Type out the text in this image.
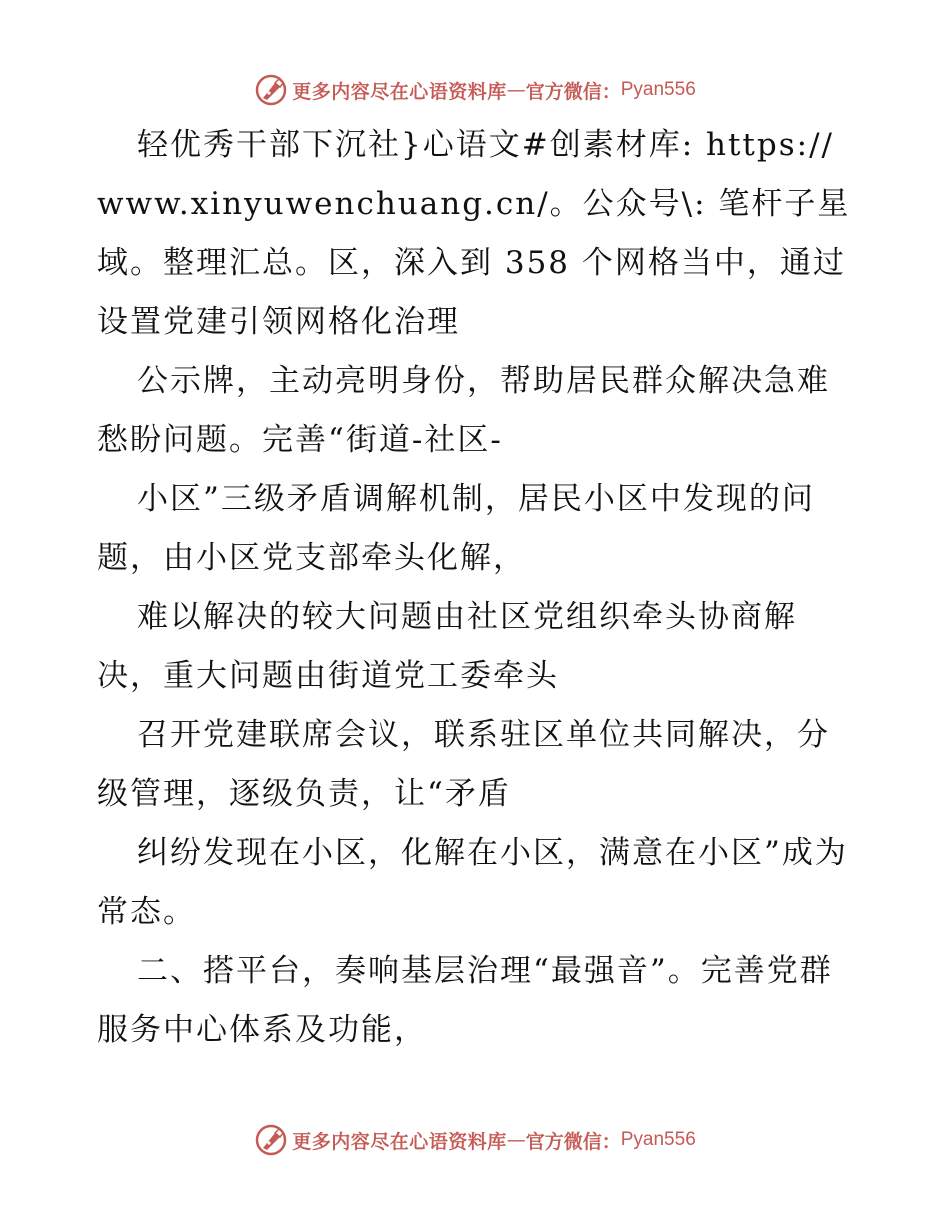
更多内容尽在心语资料库 — 官方微信： Pyan556

轻优秀干部下沉社}心语文#创素材库: https://www.xinyuwenchuang.cn/。公众号\: 笔杆子星域。整理汇总。区，深入到 358 个网格当中，通过设置党建引领网格化治理

公示牌，主动亮明身份，帮助居民群众解决急难愁盼问题。完善“街道-社区-

小区”三级矛盾调解机制，居民小区中发现的问题，由小区党支部牵头化解，

难以解决的较大问题由社区党组织牵头协商解决，重大问题由街道党工委牵头

召开党建联席会议，联系驻区单位共同解决，分级管理，逐级负责，让“矛盾

纠纷发现在小区，化解在小区，满意在小区”成为常态。

二、搭平台，奏响基层治理“最强音”。完善党群服务中心体系及功能，

更多内容尽在心语资料库 — 官方微信： Pyan556
